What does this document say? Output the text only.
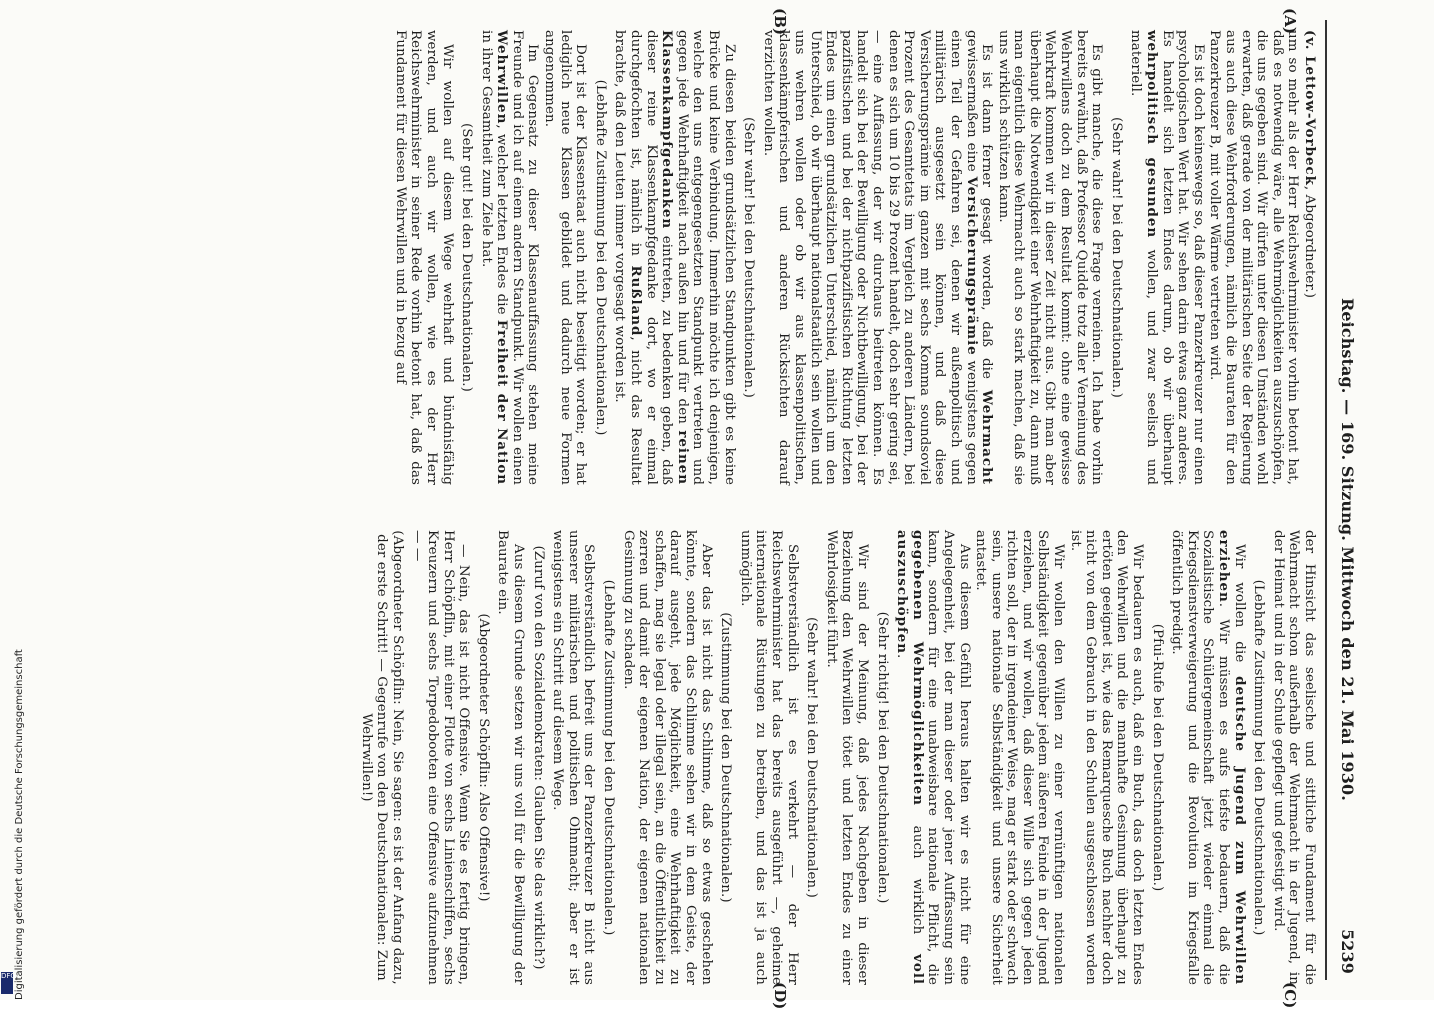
Reichstag. — 169. Sitzung. Mittwoch den 21. Mai 1930.
5239

(v. Lettow-Vorbeck, Abgeordneter.)

um so mehr als der Herr Reichswehrminister vorhin betont hat, daß es notwendig wäre, alle Wehrmöglichkeiten auszuschöpfen, die uns gegeben sind. Wir dürfen unter diesen Umständen wohl erwarten, daß gerade von der militärischen Seite der Regierung aus auch diese Wehrforderungen, nämlich die Bauraten für den Panzerkreuzer B, mit voller Wärme vertreten wird.

Es ist doch keineswegs so, daß dieser Panzerkreuzer nur einen psychologischen Wert hat. Wir sehen darin etwas ganz anderes. Es handelt sich letzten Endes darum, ob wir überhaupt wehrpolitisch gesunden wollen, und zwar seelisch und materiell.

(Sehr wahr! bei den Deutschnationalen.)

Es gibt manche, die diese Frage verneinen. Ich habe vorhin bereits erwähnt, daß Professor Quidde trotz aller Verneinung des Wehrwillens doch zu dem Resultat kommt: ohne eine gewisse Wehrkraft kommen wir in dieser Zeit nicht aus. Gibt man aber überhaupt die Notwendigkeit einer Wehrhaftigkeit zu, dann muß man eigentlich diese Wehrmacht auch so stark machen, daß sie uns wirklich schützen kann.

Es ist dann ferner gesagt worden, daß die Wehrmacht gewissermaßen eine Versicherungsprämie wenigstens gegen einen Teil der Gefahren sei, denen wir außenpolitisch und militärisch ausgesetzt sein können, und daß diese Versicherungsprämie im ganzen mit sechs Komma soundsoviel Prozent des Gesamtetats im Vergleich zu anderen Ländern, bei denen es sich um 10 bis 29 Prozent handelt, doch sehr gering sei, — eine Auffassung, der wir durchaus beitreten können. Es handelt sich bei der Bewilligung oder Nichtbewilligung, bei der pazifistischen und bei der nichtpazifistischen Richtung letzten Endes um einen grundsätzlichen Unterschied, nämlich um den Unterschied, ob wir überhaupt nationalstaatlich sein wollen und uns wehren wollen oder ob wir aus klassenpolitischen, klassenkämpferischen und anderen Rücksichten darauf verzichten wollen.

(Sehr wahr! bei den Deutschnationalen.)

Zu diesen beiden grundsätzlichen Standpunkten gibt es keine Brücke und keine Verbindung. Immerhin möchte ich denjenigen, welche den uns entgegengesetzten Standpunkt vertreten und gegen jede Wehrhaftigkeit nach außen hin und für den reinen Klassenkampfgedanken eintreten, zu bedenken geben, daß dieser reine Klassenkampfgedanke dort, wo er einmal durchgefochten ist, nämlich in Rußland, nicht das Resultat brachte, daß den Leuten immer vorgesagt worden ist.

(Lebhafte Zustimmung bei den Deutschnationalen.)

Dort ist der Klassenstaat auch nicht beseitigt worden; er hat lediglich neue Klassen gebildet und dadurch neue Formen angenommen.

Im Gegensatz zu dieser Klassenauffassung stehen meine Freunde und ich auf einem andern Standpunkt. Wir wollen einen Wehrwillen, welcher letzten Endes die Freiheit der Nation in ihrer Gesamtheit zum Ziele hat.

(Sehr gut! bei den Deutschnationalen.)

Wir wollen auf diesem Wege wehrhaft und bündnisfähig werden, und auch wir wollen, wie es der Herr Reichswehrminister in seiner Rede vorhin betont hat, daß das Fundament für diesen Wehrwillen und in bezug auf

der Hinsicht das seelische und sittliche Fundament für die Wehrmacht schon außerhalb der Wehrmacht in der Jugend, in der Heimat und in der Schule gepflegt und gefestigt wird.

(Lebhafte Zustimmung bei den Deutschnationalen.)

Wir wollen die deutsche Jugend zum Wehrwillen erziehen. Wir müssen es aufs tiefste bedauern, daß die Sozialistische Schülergemeinschaft jetzt wieder einmal die Kriegsdienstverweigerung und die Revolution im Kriegsfalle öffentlich predigt.

(Pfui-Rufe bei den Deutschnationalen.)

Wir bedauern es auch, daß ein Buch, das doch letzten Endes den Wehrwillen und die mannhafte Gesinnung überhaupt zu ertöten geeignet ist, wie das Remarquesche Buch nachher doch nicht von dem Gebrauch in den Schulen ausgeschlossen worden ist.

Wir wollen den Willen zu einer vernünftigen nationalen Selbständigkeit gegenüber jedem äußeren Feinde in der Jugend erziehen, und wir wollen, daß dieser Wille sich gegen jeden richten soll, der in irgendeiner Weise, mag er stark oder schwach sein, unsere nationale Selbständigkeit und unsere Sicherheit antastet.

Aus diesem Gefühl heraus halten wir es nicht für eine Angelegenheit, bei der man dieser oder jener Auffassung sein kann, sondern für eine unabweisbare nationale Pflicht, die gegebenen Wehrmöglichkeiten auch wirklich voll auszuschöpfen.

(Sehr richtig! bei den Deutschnationalen.)

Wir sind der Meinung, daß jedes Nachgeben in dieser Beziehung den Wehrwillen tötet und letzten Endes zu einer Wehrlosigkeit führt.

(Sehr wahr! bei den Deutschnationalen.)

Selbstverständlich ist es verkehrt — der Herr Reichswehrminister hat das bereits ausgeführt —, geheime internationale Rüstungen zu betreiben, und das ist ja auch unmöglich.

(Zustimmung bei den Deutschnationalen.)

Aber das ist nicht das Schlimme, daß so etwas geschehen könnte, sondern das Schlimme sehen wir in dem Geiste, der darauf ausgeht, jede Möglichkeit, eine Wehrhaftigkeit zu schaffen, mag sie legal oder illegal sein, an die Öffentlichkeit zu zerren und damit der eigenen Nation, der eigenen nationalen Gesinnung zu schaden.

(Lebhafte Zustimmung bei den Deutschnationalen.)

Selbstverständlich befreit uns der Panzerkreuzer B nicht aus unserer militärischen und politischen Ohnmacht; aber er ist wenigstens ein Schritt auf diesem Wege.

(Zuruf von den Sozialdemokraten: Glauben Sie das wirklich?)

Aus diesem Grunde setzen wir uns voll für die Bewilligung der Baurate ein.

(Abgeordneter Schöpflin: Also Offensive!)

— Nein, das ist nicht Offensive. Wenn Sie es fertig bringen, Herr Schöpflin, mit einer Flotte von sechs Linienschiffen, sechs Kreuzern und sechs Torpedobooten eine Offensive aufzunehmen — —

(Abgeordneter Schöpflin: Nein, Sie sagen: es ist der Anfang dazu, der erste Schritt! — Gegenrufe von den Deutschnationalen: Zum Wehrwillen!)

(A)
(B)
(C)
(D)
Digitalisierung gefördert durch die Deutsche Forschungsgemeinschaft
DFG
